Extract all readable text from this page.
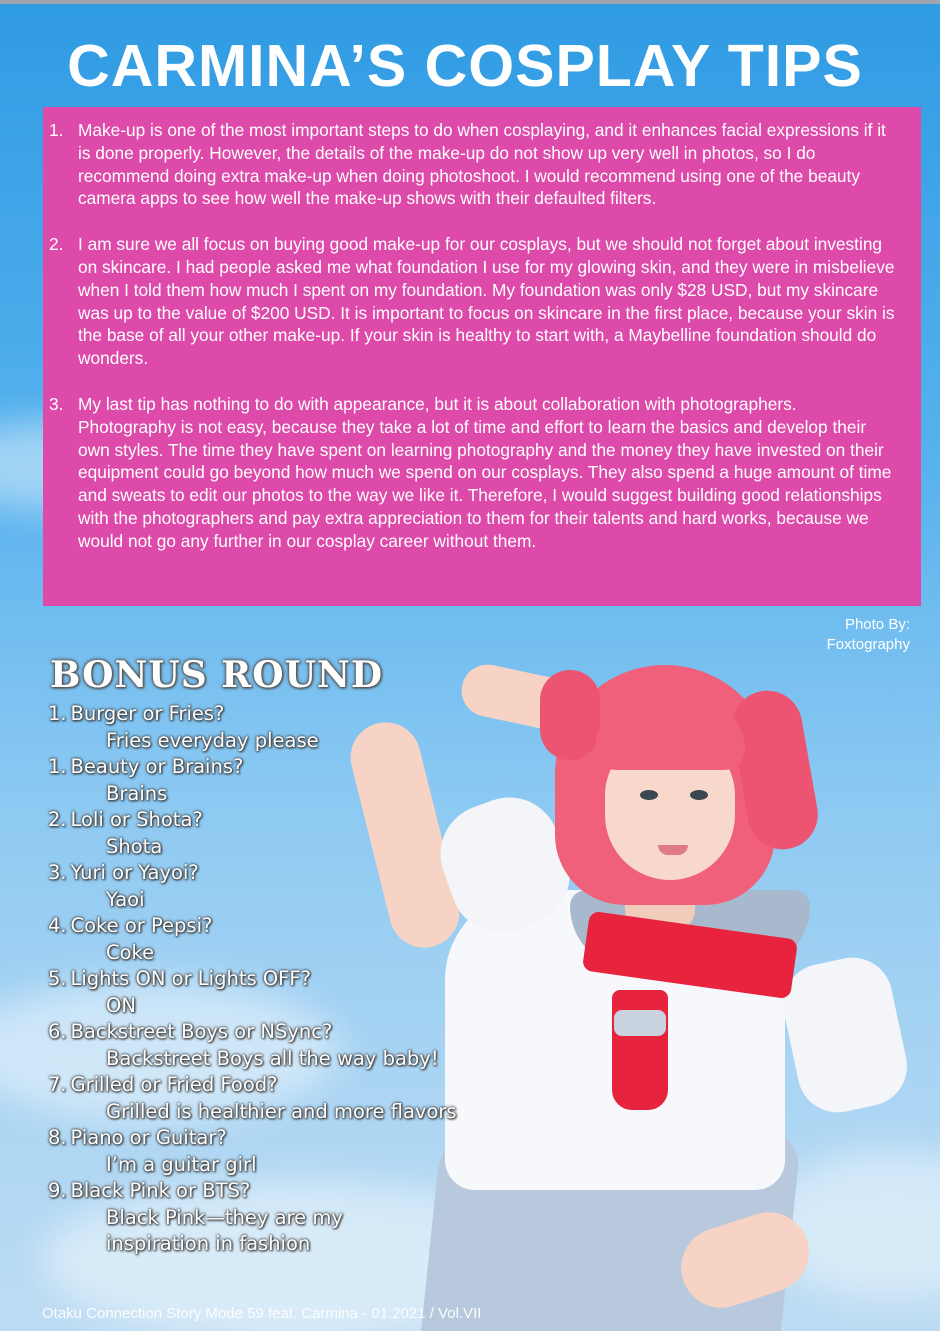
CARMINA’S COSPLAY TIPS
1. Make-up is one of the most important steps to do when cosplaying, and it enhances facial expressions if it is done properly. However, the details of the make-up do not show up very well in photos, so I do recommend doing extra make-up when doing photoshoot. I would recommend using one of the beauty camera apps to see how well the make-up shows with their defaulted filters.
2. I am sure we all focus on buying good make-up for our cosplays, but we should not forget about investing on skincare. I had people asked me what foundation I use for my glowing skin, and they were in misbelieve when I told them how much I spent on my foundation. My foundation was only $28 USD, but my skincare was up to the value of $200 USD. It is important to focus on skincare in the first place, because your skin is the base of all your other make-up. If your skin is healthy to start with, a Maybelline foundation should do wonders.
3. My last tip has nothing to do with appearance, but it is about collaboration with photographers. Photography is not easy, because they take a lot of time and effort to learn the basics and develop their own styles. The time they have spent on learning photography and the money they have invested on their equipment could go beyond how much we spend on our cosplays. They also spend a huge amount of time and sweats to edit our photos to the way we like it. Therefore, I would suggest building good relationships with the photographers and pay extra appreciation to them for their talents and hard works, because we would not go any further in our cosplay career without them.
Photo By:
Foxtography
BONUS ROUND
1. Burger or Fries?
Fries everyday please
1. Beauty or Brains?
Brains
2. Loli or Shota?
Shota
3. Yuri or Yayoi?
Yaoi
4. Coke or Pepsi?
Coke
5. Lights ON or Lights OFF?
ON
6. Backstreet Boys or NSync?
Backstreet Boys all the way baby!
7. Grilled or Fried Food?
Grilled is healthier and more flavors
8. Piano or Guitar?
I’m a guitar girl
9. Black Pink or BTS?
Black Pink—they are my
inspiration in fashion
Otaku Connection Story Mode 59 feat. Carmina - 01.2021 / Vol.VII
